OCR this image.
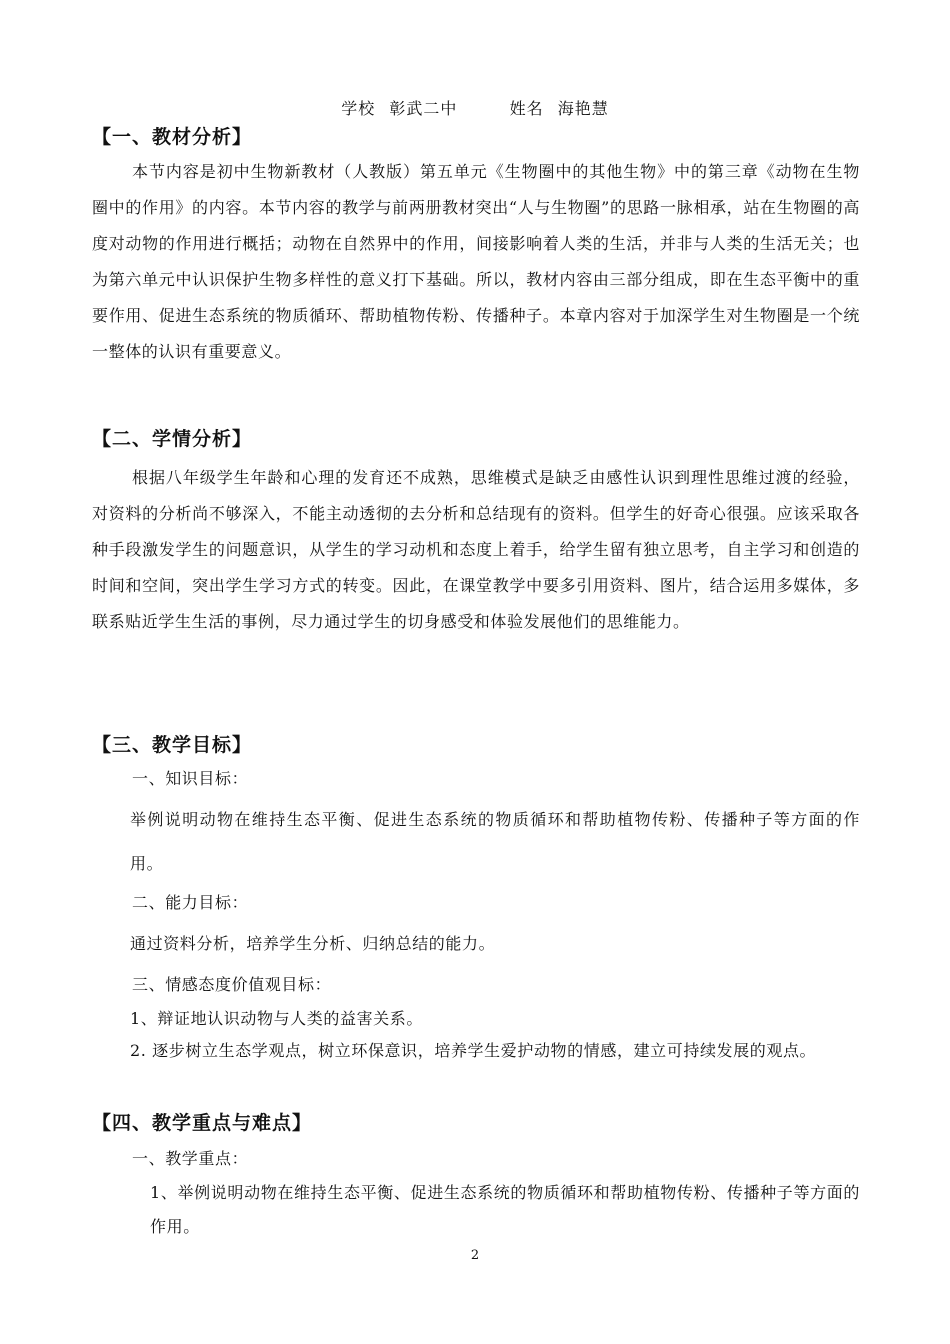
学校 彰武二中	姓名 海艳慧
【一、教材分析】
本节内容是初中生物新教材（人教版）第五单元《生物圈中的其他生物》中的第三章《动物在生物圈中的作用》的内容。本节内容的教学与前两册教材突出“人与生物圈”的思路一脉相承，站在生物圈的高度对动物的作用进行概括；动物在自然界中的作用，间接影响着人类的生活，并非与人类的生活无关；也为第六单元中认识保护生物多样性的意义打下基础。所以，教材内容由三部分组成，即在生态平衡中的重要作用、促进生态系统的物质循环、帮助植物传粉、传播种子。本章内容对于加深学生对生物圈是一个统一整体的认识有重要意义。
【二、学情分析】
根据八年级学生年龄和心理的发育还不成熟，思维模式是缺乏由感性认识到理性思维过渡的经验，对资料的分析尚不够深入，不能主动透彻的去分析和总结现有的资料。但学生的好奇心很强。应该采取各种手段激发学生的问题意识，从学生的学习动机和态度上着手，给学生留有独立思考，自主学习和创造的时间和空间，突出学生学习方式的转变。因此，在课堂教学中要多引用资料、图片，结合运用多媒体，多联系贴近学生生活的事例，尽力通过学生的切身感受和体验发展他们的思维能力。
【三、教学目标】
一、知识目标：
举例说明动物在维持生态平衡、促进生态系统的物质循环和帮助植物传粉、传播种子等方面的作用。
二、能力目标：
通过资料分析，培养学生分析、归纳总结的能力。
三、情感态度价值观目标：
1、辩证地认识动物与人类的益害关系。
2. 逐步树立生态学观点，树立环保意识，培养学生爱护动物的情感，建立可持续发展的观点。
【四、教学重点与难点】
一、教学重点：
1、举例说明动物在维持生态平衡、促进生态系统的物质循环和帮助植物传粉、传播种子等方面的作用。
2
